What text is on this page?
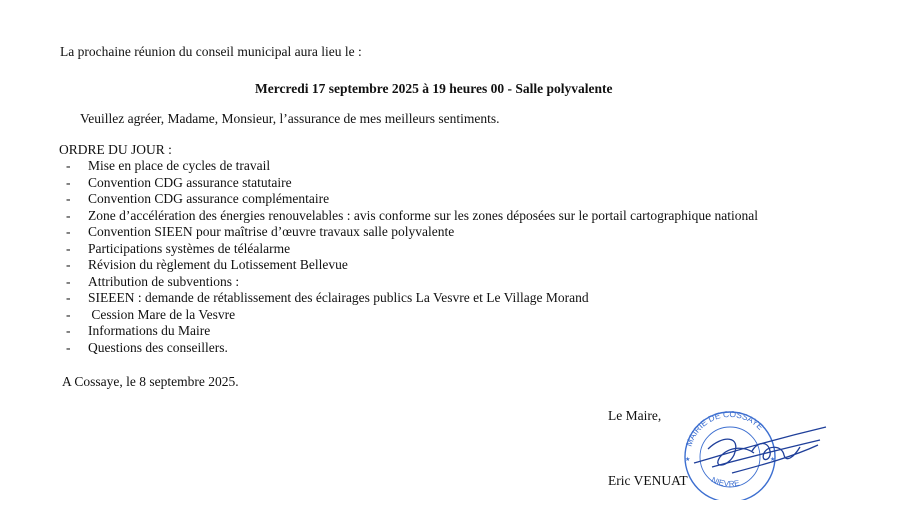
La prochaine réunion du conseil municipal aura lieu le :
Mercredi 17 septembre 2025 à 19 heures 00 - Salle polyvalente
Veuillez agréer, Madame, Monsieur, l’assurance de mes meilleurs sentiments.
ORDRE DU JOUR :
-	Mise en place de cycles de travail
-	Convention CDG assurance statutaire
-	Convention CDG assurance complémentaire
-	Zone d’accélération des énergies renouvelables : avis conforme sur les zones déposées sur le portail cartographique national
-	Convention SIEEN pour maîtrise d’œuvre travaux salle polyvalente
-	Participations systèmes de téléalarme
-	Révision du règlement du Lotissement Bellevue
-	Attribution de subventions :
-	SIEEEN : demande de rétablissement des éclairages publics La Vesvre et Le Village Morand
-	Cession Mare de la Vesvre
-	Informations du Maire
-	Questions des conseillers.
A Cossaye, le 8 septembre 2025.
Le Maire,
Eric VENUAT
MAIRIE DE COSSAYE
NIEVRE
★	★
